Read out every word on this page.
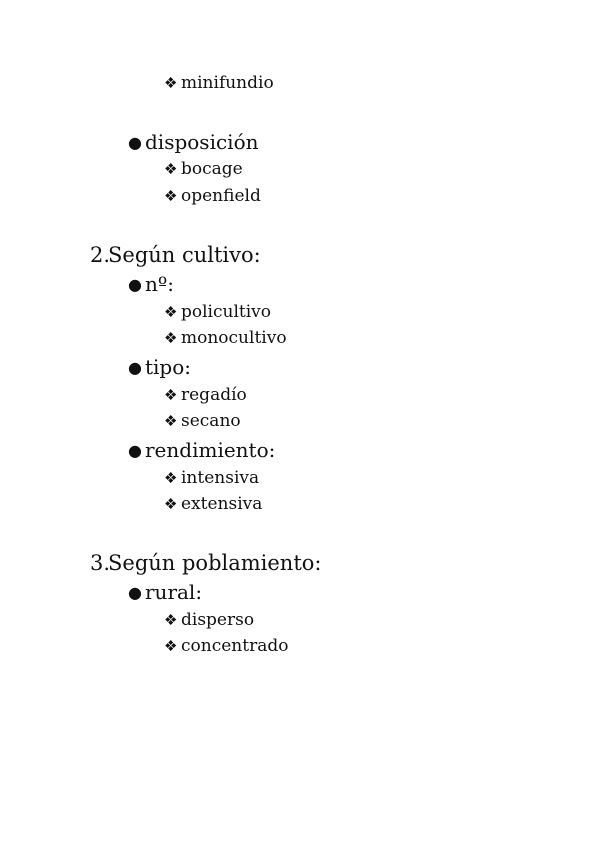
❖ minifundio
● disposición
❖ bocage
❖ openfield
2.Según cultivo:
● nº:
❖ policultivo
❖ monocultivo
● tipo:
❖ regadío
❖ secano
● rendimiento:
❖ intensiva
❖ extensiva
3.Según poblamiento:
● rural:
❖ disperso
❖ concentrado
